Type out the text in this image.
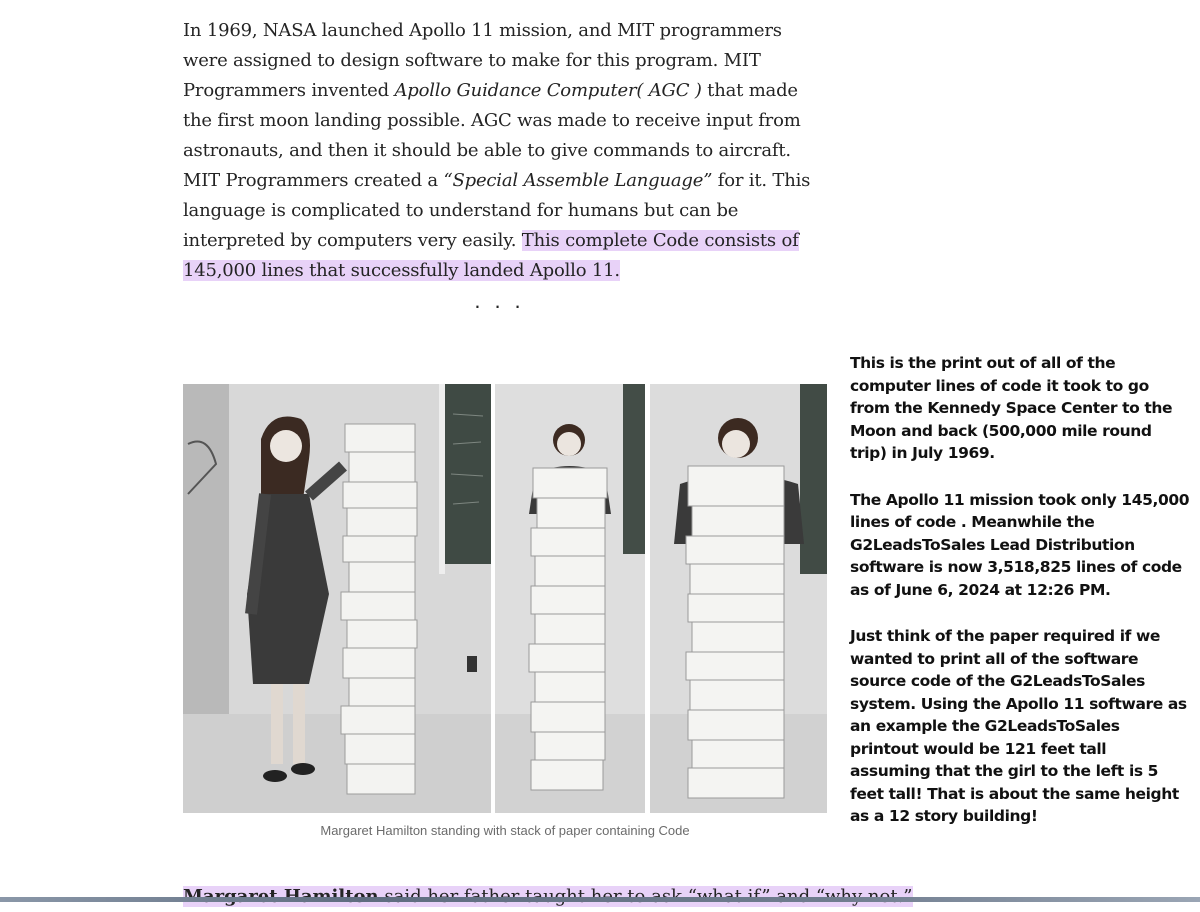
In 1969, NASA launched Apollo 11 mission, and MIT programmers were assigned to design software to make for this program. MIT Programmers invented Apollo Guidance Computer( AGC ) that made the first moon landing possible. AGC was made to receive input from astronauts, and then it should be able to give commands to aircraft. MIT Programmers created a “Special Assemble Language” for it. This language is complicated to understand for humans but can be interpreted by computers very easily. This complete Code consists of 145,000 lines that successfully landed Apollo 11.

...
Margaret Hamilton standing with stack of paper containing Code

This is the print out of all of the computer lines of code it took to go from the Kennedy Space Center to the Moon and back (500,000 mile round trip) in July 1969.

The Apollo 11 mission took only 145,000 lines of code . Meanwhile the G2LeadsToSales Lead Distribution software is now 3,518,825 lines of code as of June 6, 2024 at 12:26 PM.

Just think of the paper required if we wanted to print all of the software source code of the G2LeadsToSales system. Using the Apollo 11 software as an example the G2LeadsToSales printout would be 121 feet tall assuming that the girl to the left is 5 feet tall! That is about the same height as a 12 story building!
